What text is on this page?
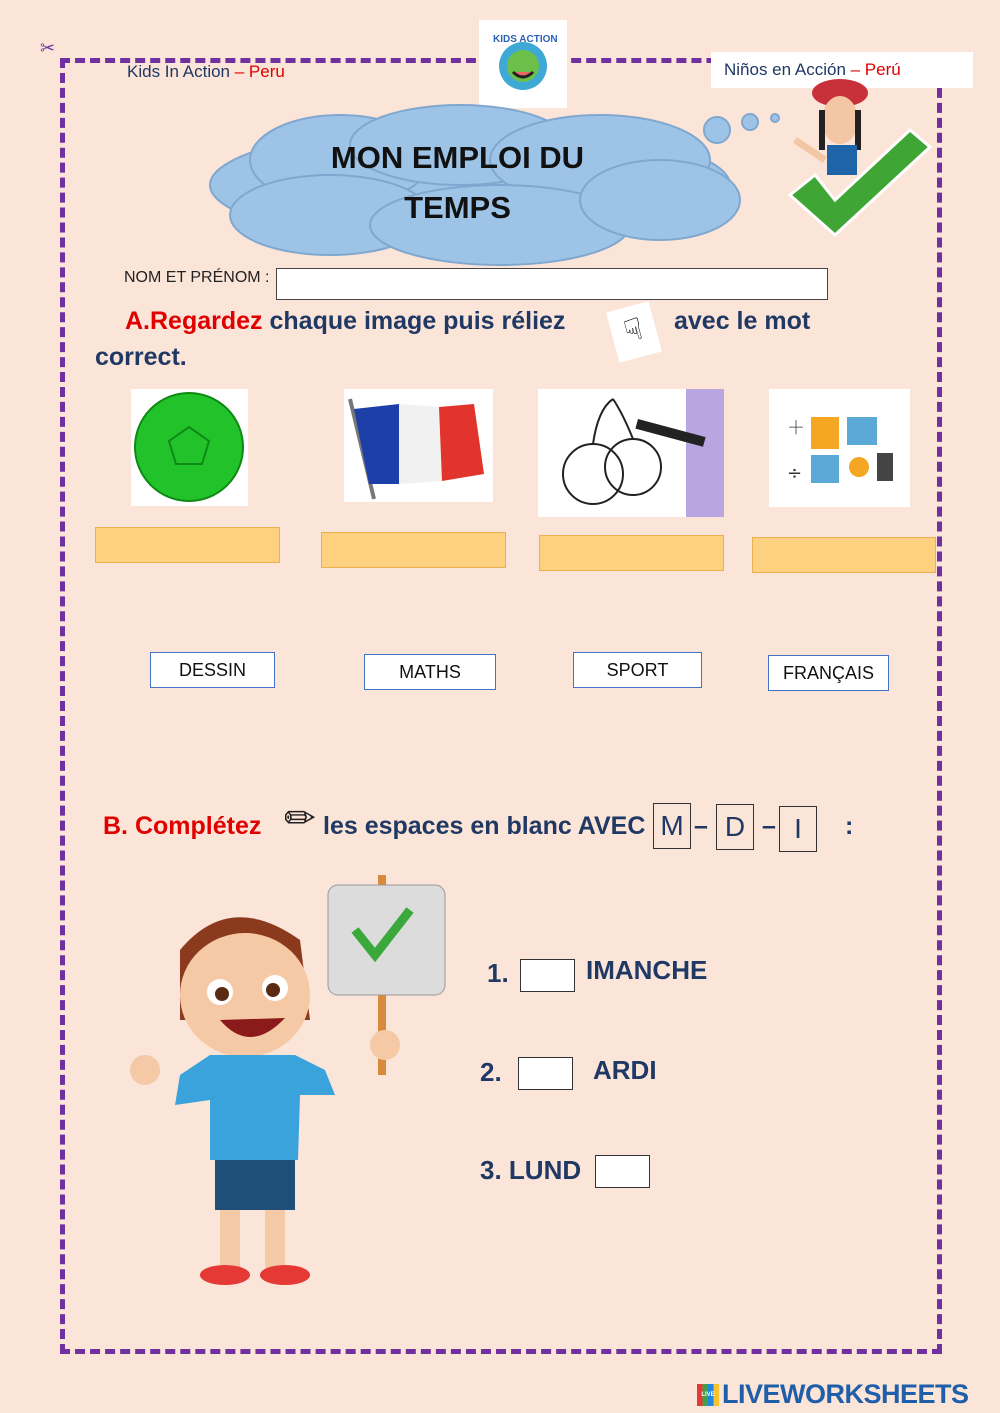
✂
Kids In Action – Peru
KIDS ACTION
Niños en Acción – Perú
MON EMPLOI DU
TEMPS
NOM ET PRÉNOM :
A.Regardez chaque image puis réliez	☟	avec le mot
correct.
＋
÷
DESSIN	MATHS	SPORT	FRANÇAIS
B. Complétez ✏ les espaces en blanc AVEC M – D – I	:
1.	IMANCHE
2.	ARDI
3. LUND
LIVE LIVEWORKSHEETS
